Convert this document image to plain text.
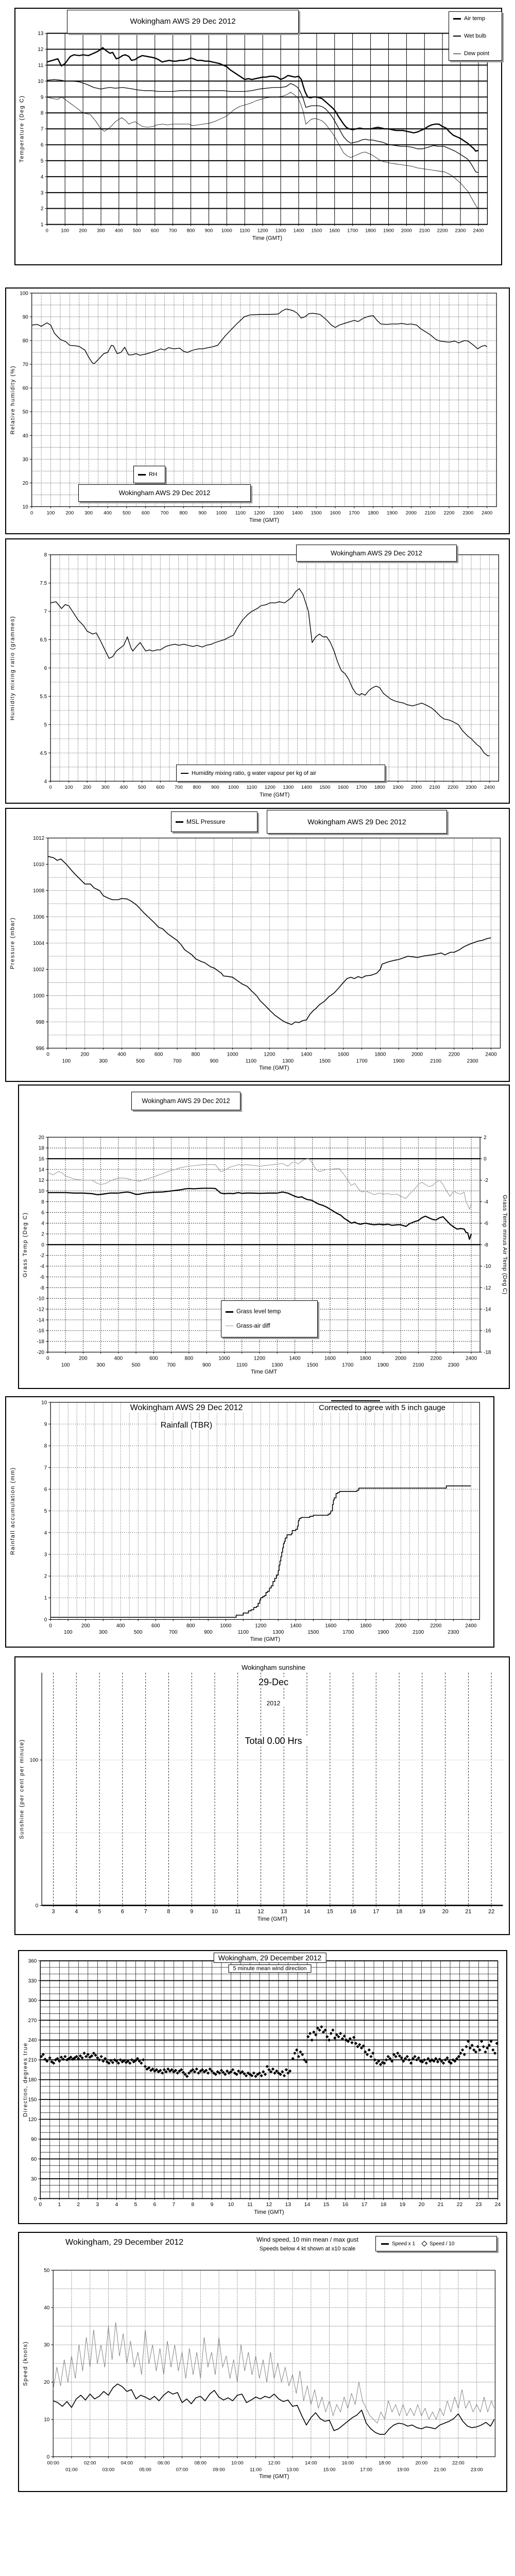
1
2
3
4
5
6
7
8
9
10
11
12
13
0	100 200 300 400 500 600 700 800 900 1000 1100 1200 1300 1400 1500 1600 1700 1800 1900 2000 2100 2200 2300 2400
Time (GMT)
Temperature (Deg C)
Wokingham AWS 29 Dec 2012	Air temp
Wet bulb
Dew point
10
20
30
40
50
60
70
80
90
100
0	100 200 300 400 500 600 700 800 900 1000 1100 1200 1300 1400 1500 1600 1700 1800 1900 2000 2100 2200 2300 2400
Time (GMT)
Relative humidity (%)
RH
Wokingham AWS 29 Dec 2012
4
4.5
5
5.5
6
6.5
7
7.5
8
0	100 200 300 400 500 600 700 800 900 1000 1100 1200 1300 1400 1500 1600 1700 1800 1900 2000 2100 2200 2300 2400
Time (GMT)
Humidity mixing ratio (grammes)
Wokingham AWS 29 Dec 2012
Humidity mixing ratio, g water vapour per kg of air
996
998
1000
1002
1004
1006
1008
1010
1012
0
100
200
300
400
500
600
700
800
900
1000
1100
1200
1300
1400
1500
1600
1700
1800
1900
2000
2100
2200
2300
2400
Time (GMT)
Pressure (mbar)
MSL Pressure	Wokingham AWS 29 Dec 2012
-20
-18
-16
-14
-12
-10
-8
-6
-4
-2
0
2
4
6
8
10
12
14
16
18
20
-18
-16
-14
-12
-10
-8
-6
-4
-2
0
2
0
100
200
300
400
500
600
700
800
900
1000
1100
1200
1300
1400
1500
1600
1700
1800
1900
2000
2100
2200
2300
2400
Time GMT
Grass Temp (Deg C)	Grass Temp minus Air Temp (Deg C)
Wokingham AWS 29 Dec 2012
Grass level temp
Grass-air diff
0
1
2
3
4
5
6
7
8
9
10
0
100
200
300
400
500
600
700
800
900
1000
1100
1200
1300
1400
1500
1600
1700
1800
1900
2000
2100
2200
2300
2400
Time (GMT)
Rainfall accumulation (mm)
Wokingham AWS 29 Dec 2012
Rainfall (TBR)
Corrected to agree with 5 inch gauge
0
100
3	4	5	6	7	8	9	10	11	12	13	14	15	16	17	18	19	20	21	22
Time (GMT)
Sunshine (per cent per minute)
Wokingham sunshine
29-Dec
2012
Total 0.00 Hrs
0
30
60
90
120
150
180
210
240
270
300
330
360
0	1	2	3	4	5	6	7	8	9	10 11 12 13 14 15 16 17 18 19 20 21 22 23 24
Time (GMT)
Direction, degrees true
Wokingham, 29 December 2012
5 minute mean wind direction
0
10
20
30
40
50
00:00
01:00
02:00
03:00
04:00
05:00
06:00
07:00
08:00
09:00
10:00
11:00
12:00
13:00
14:00
15:00
16:00
17:00
18:00
19:00
20:00
21:00
22:00
23:00
Time (GMT)
Speed (knots)
Wokingham, 29 December 2012	Wind speed, 10 min mean / max gust
Speeds below 4 kt shown at x10 scale
Speed x 1	Speed / 10
